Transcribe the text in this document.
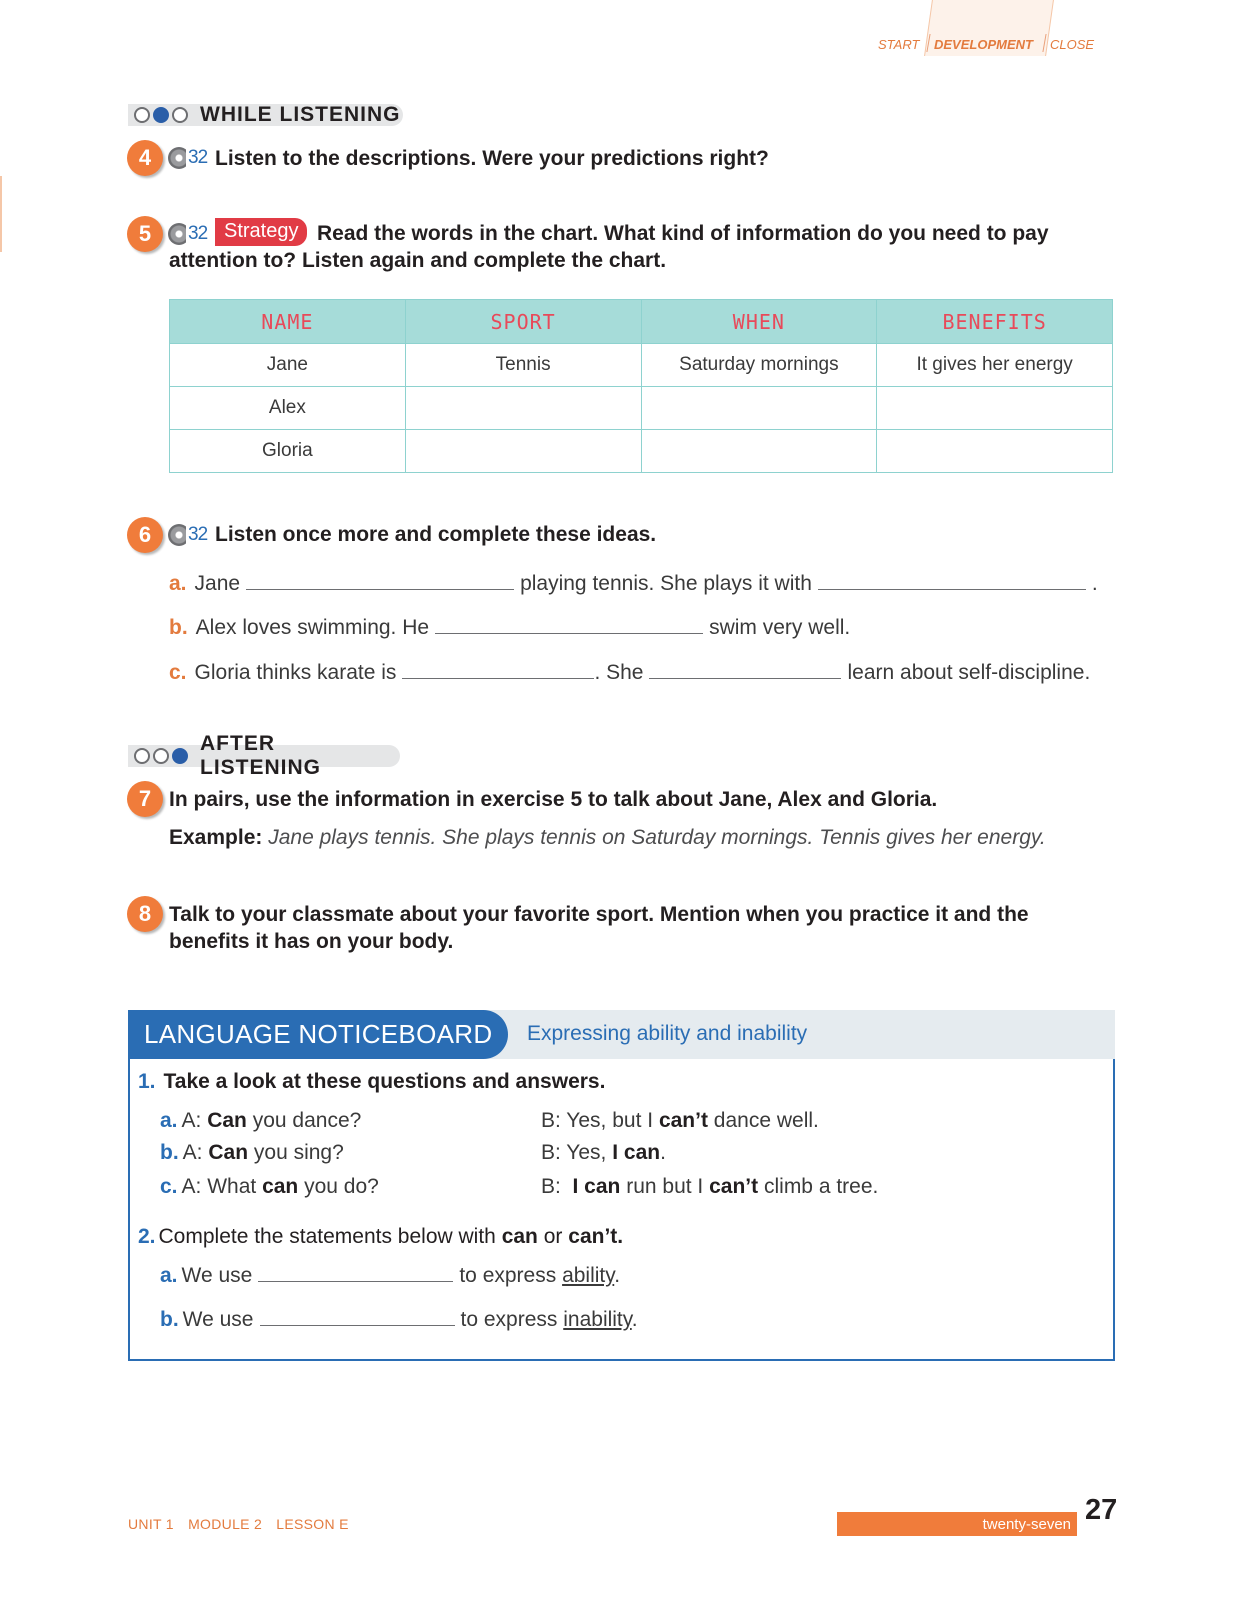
START DEVELOPMENT CLOSE
WHILE LISTENING
4	32 Listen to the descriptions. Were your predictions right?
5	32 Strategy Read the words in the chart. What kind of information do you need to pay
attention to? Listen again and complete the chart.
NAME	SPORT	WHEN	BENEFITS
Jane	Tennis	Saturday mornings	It gives her energy
Alex			
Gloria			
6	32 Listen once more and complete these ideas.
a. Jane	playing tennis. She plays it with	.
b. Alex loves swimming. He	swim very well.
c. Gloria thinks karate is	. She	learn about self-discipline.
AFTER LISTENING
7 In pairs, use the information in exercise 5 to talk about Jane, Alex and Gloria.
Example: Jane plays tennis. She plays tennis on Saturday mornings. Tennis gives her energy.
8 Talk to your classmate about your favorite sport. Mention when you practice it and the
benefits it has on your body.
LANGUAGE NOTICEBOARD	Expressing ability and inability
1. Take a look at these questions and answers.
a. A: Can you dance?	B: Yes, but I can’t dance well.
b. A: Can you sing?	B: Yes, I can.
c. A: What can you do?	B: I can run but I can’t climb a tree.
2. Complete the statements below with can or can’t.
a. We use	to express ability.
b. We use	to express inability.
UNIT 1 MODULE 2 LESSON E	twenty-seven 27
